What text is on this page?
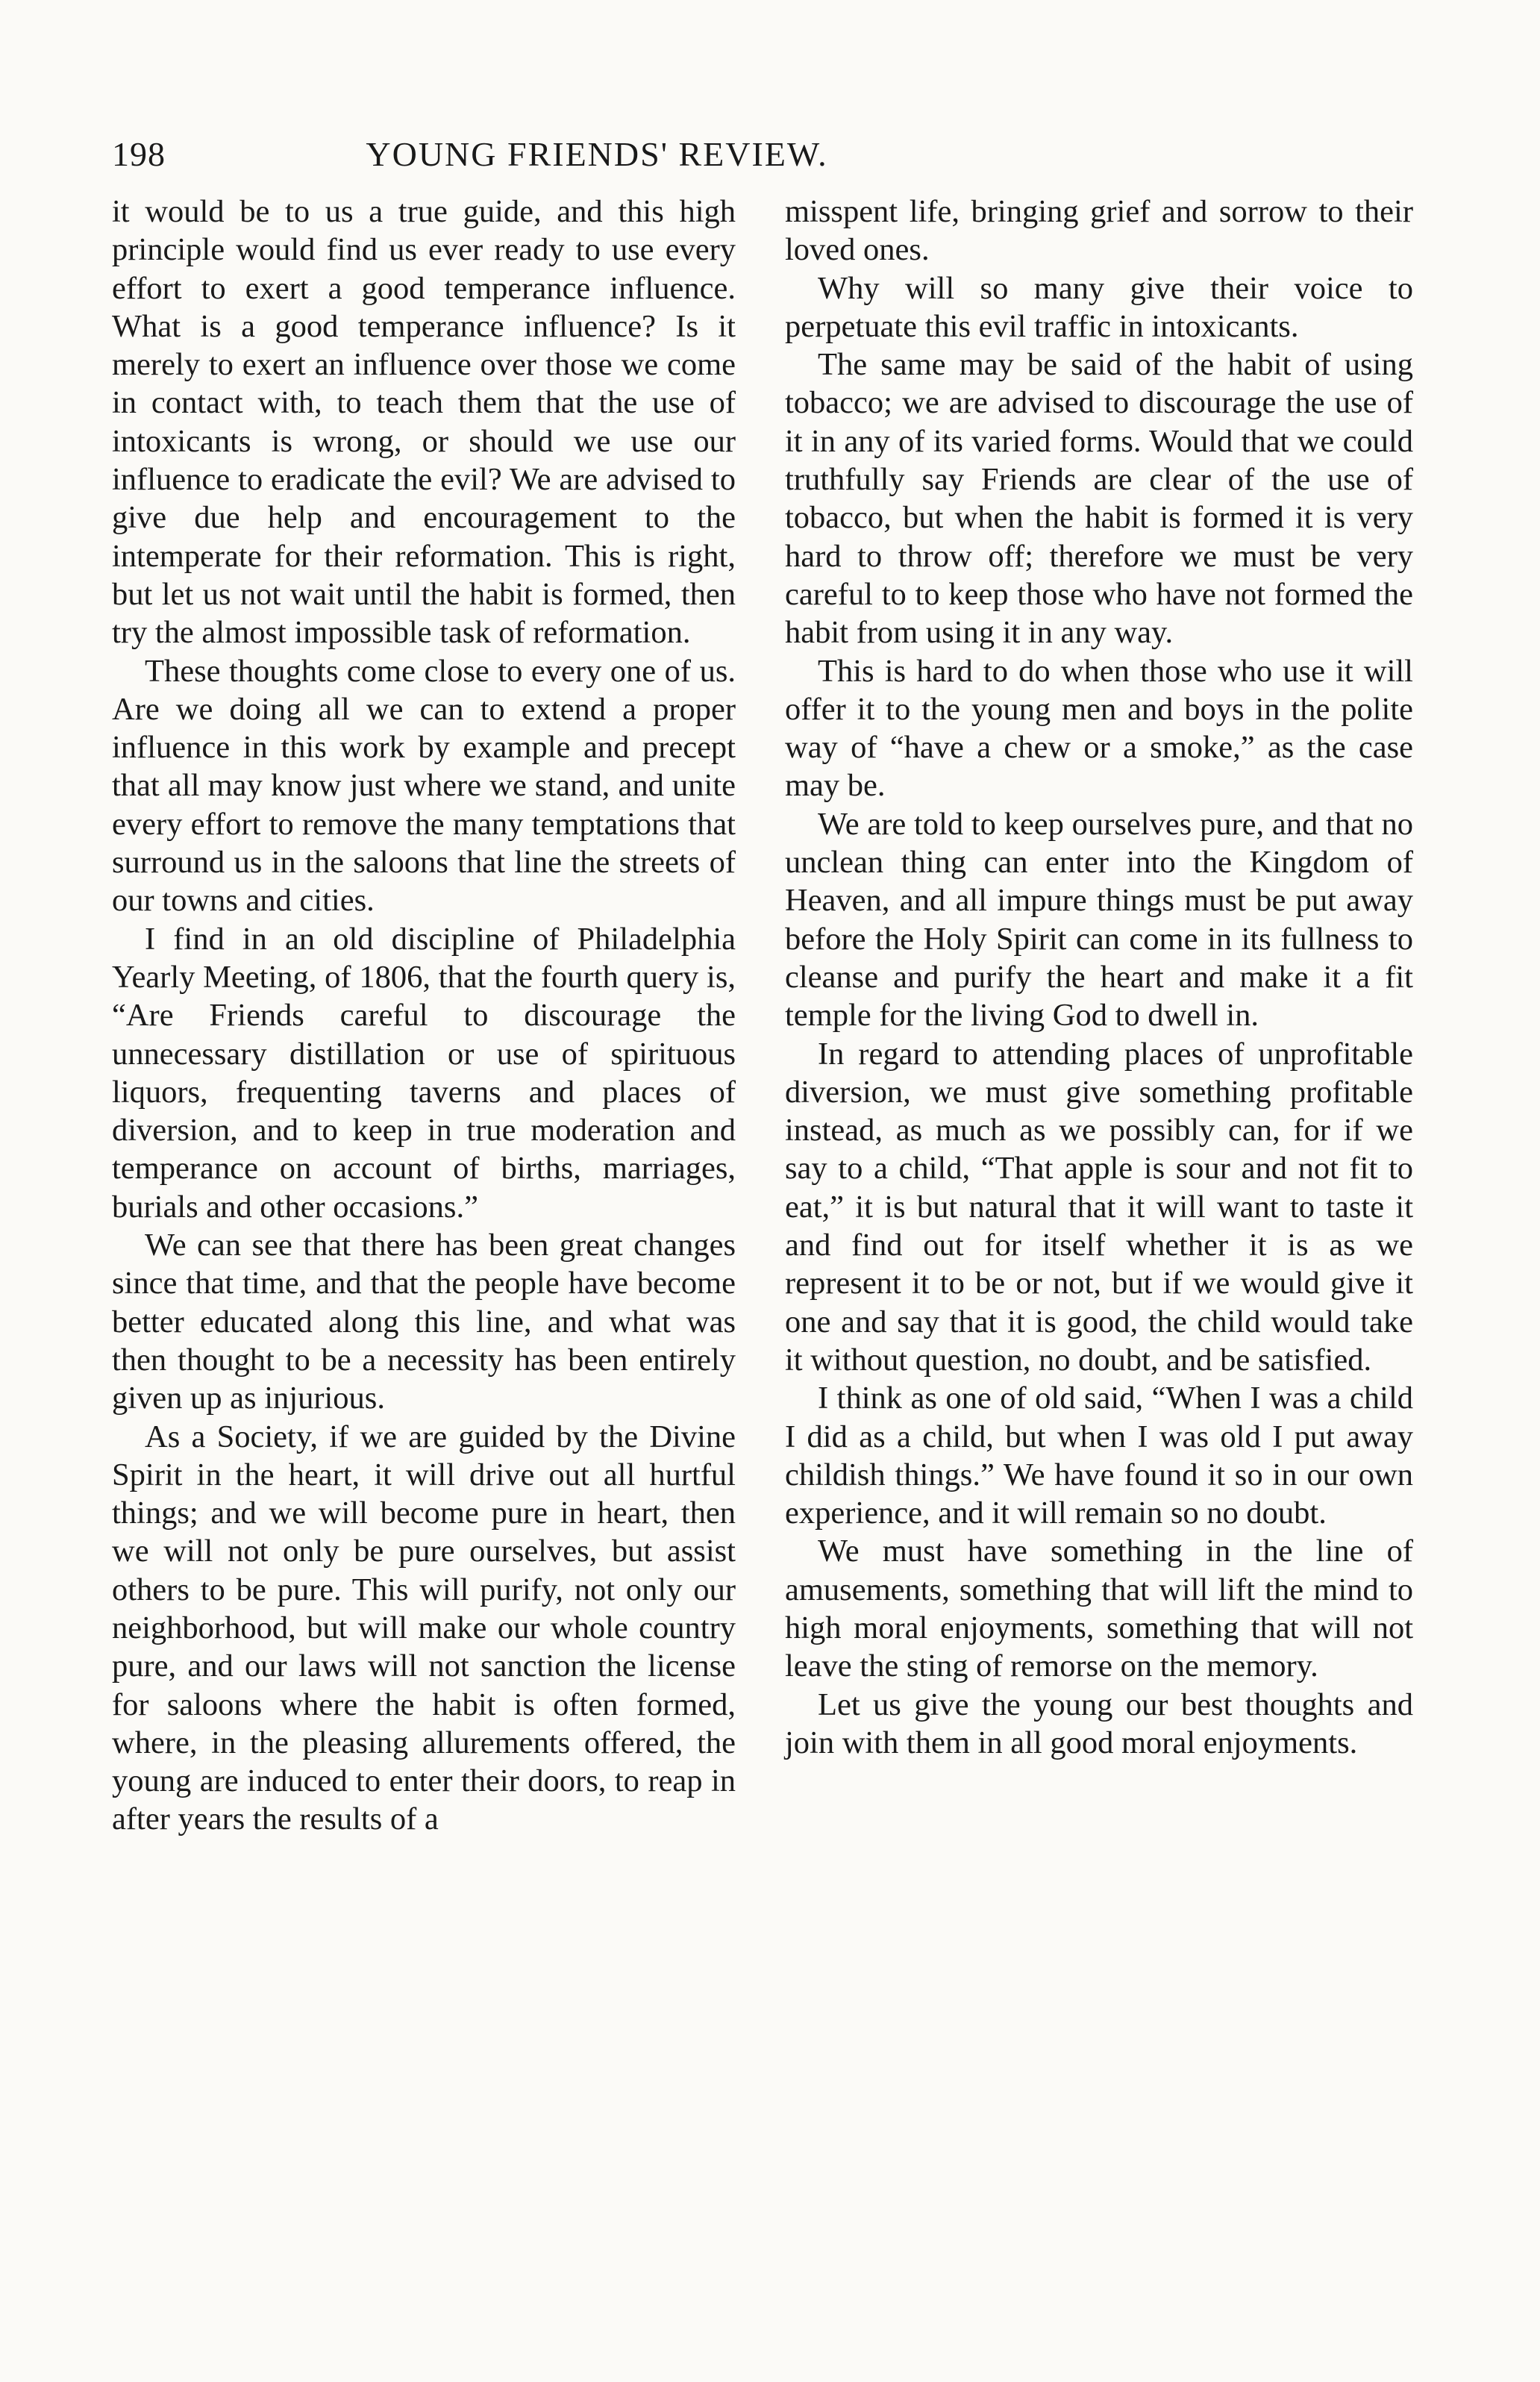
198	YOUNG FRIENDS' REVIEW.

it would be to us a true guide, and this high principle would find us ever ready to use every effort to exert a good temperance influence. What is a good temperance influence? Is it merely to exert an influence over those we come in contact with, to teach them that the use of intoxicants is wrong, or should we use our influence to eradicate the evil? We are advised to give due help and encouragement to the intemperate for their reformation. This is right, but let us not wait until the habit is formed, then try the almost impossible task of reformation.

These thoughts come close to every one of us. Are we doing all we can to extend a proper influence in this work by example and precept that all may know just where we stand, and unite every effort to remove the many temptations that surround us in the saloons that line the streets of our towns and cities.

I find in an old discipline of Philadelphia Yearly Meeting, of 1806, that the fourth query is, “Are Friends careful to discourage the unnecessary distillation or use of spirituous liquors, frequenting taverns and places of diversion, and to keep in true moderation and temperance on account of births, marriages, burials and other occasions.”

We can see that there has been great changes since that time, and that the people have become better educated along this line, and what was then thought to be a necessity has been entirely given up as injurious.

As a Society, if we are guided by the Divine Spirit in the heart, it will drive out all hurtful things; and we will become pure in heart, then we will not only be pure ourselves, but assist others to be pure. This will purify, not only our neighborhood, but will make our whole country pure, and our laws will not sanction the license for saloons where the habit is often formed, where, in the pleasing allurements offered, the young are induced to enter their doors, to reap in after years the results of a

misspent life, bringing grief and sorrow to their loved ones.

Why will so many give their voice to perpetuate this evil traffic in intoxicants.

The same may be said of the habit of using tobacco; we are advised to discourage the use of it in any of its varied forms. Would that we could truthfully say Friends are clear of the use of tobacco, but when the habit is formed it is very hard to throw off; therefore we must be very careful to to keep those who have not formed the habit from using it in any way.

This is hard to do when those who use it will offer it to the young men and boys in the polite way of “have a chew or a smoke,” as the case may be.

We are told to keep ourselves pure, and that no unclean thing can enter into the Kingdom of Heaven, and all impure things must be put away before the Holy Spirit can come in its fullness to cleanse and purify the heart and make it a fit temple for the living God to dwell in.

In regard to attending places of unprofitable diversion, we must give something profitable instead, as much as we possibly can, for if we say to a child, “That apple is sour and not fit to eat,” it is but natural that it will want to taste it and find out for itself whether it is as we represent it to be or not, but if we would give it one and say that it is good, the child would take it without question, no doubt, and be satisfied.

I think as one of old said, “When I was a child I did as a child, but when I was old I put away childish things.” We have found it so in our own experience, and it will remain so no doubt.

We must have something in the line of amusements, something that will lift the mind to high moral enjoyments, something that will not leave the sting of remorse on the memory.

Let us give the young our best thoughts and join with them in all good moral enjoyments.
